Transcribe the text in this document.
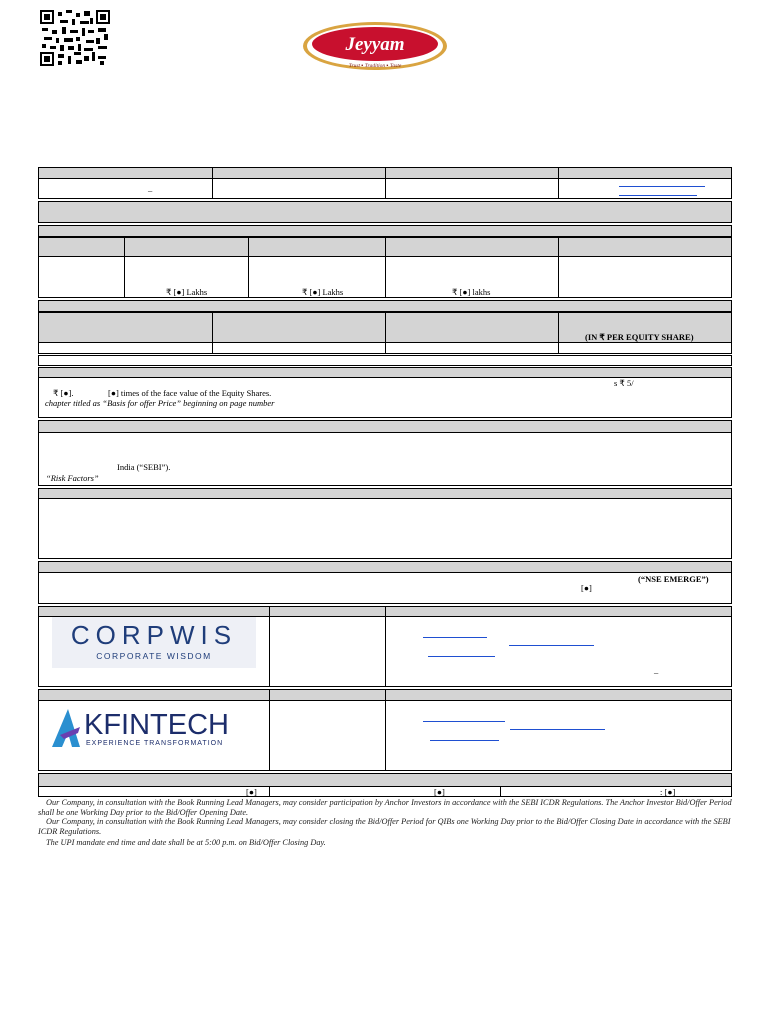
Jeyyam
Trust ▪ Tradition ▪ Taste
–
₹ [●] Lakhs	₹ [●] Lakhs	₹ [●] lakhs
(IN ₹ PER EQUITY SHARE)
₹ [●].	[●] times of the face value of the Equity Shares.
s ₹ 5/
chapter titled as “Basis for offer Price” beginning on page number
India (“SEBI”).
“Risk Factors”
(“NSE EMERGE”)
[●]
CORPWIS
CORPORATE WISDOM
–
KFINTECH
EXPERIENCE TRANSFORMATION
[●]	[●]	: [●]
Our Company, in consultation with the Book Running Lead Managers, may consider participation by Anchor Investors in accordance with the SEBI ICDR Regulations. The Anchor Investor Bid/Offer Period shall be one Working Day prior to the Bid/Offer Opening Date.
Our Company, in consultation with the Book Running Lead Managers, may consider closing the Bid/Offer Period for QIBs one Working Day prior to the Bid/Offer Closing Date in accordance with the SEBI ICDR Regulations.
The UPI mandate end time and date shall be at 5:00 p.m. on Bid/Offer Closing Day.
